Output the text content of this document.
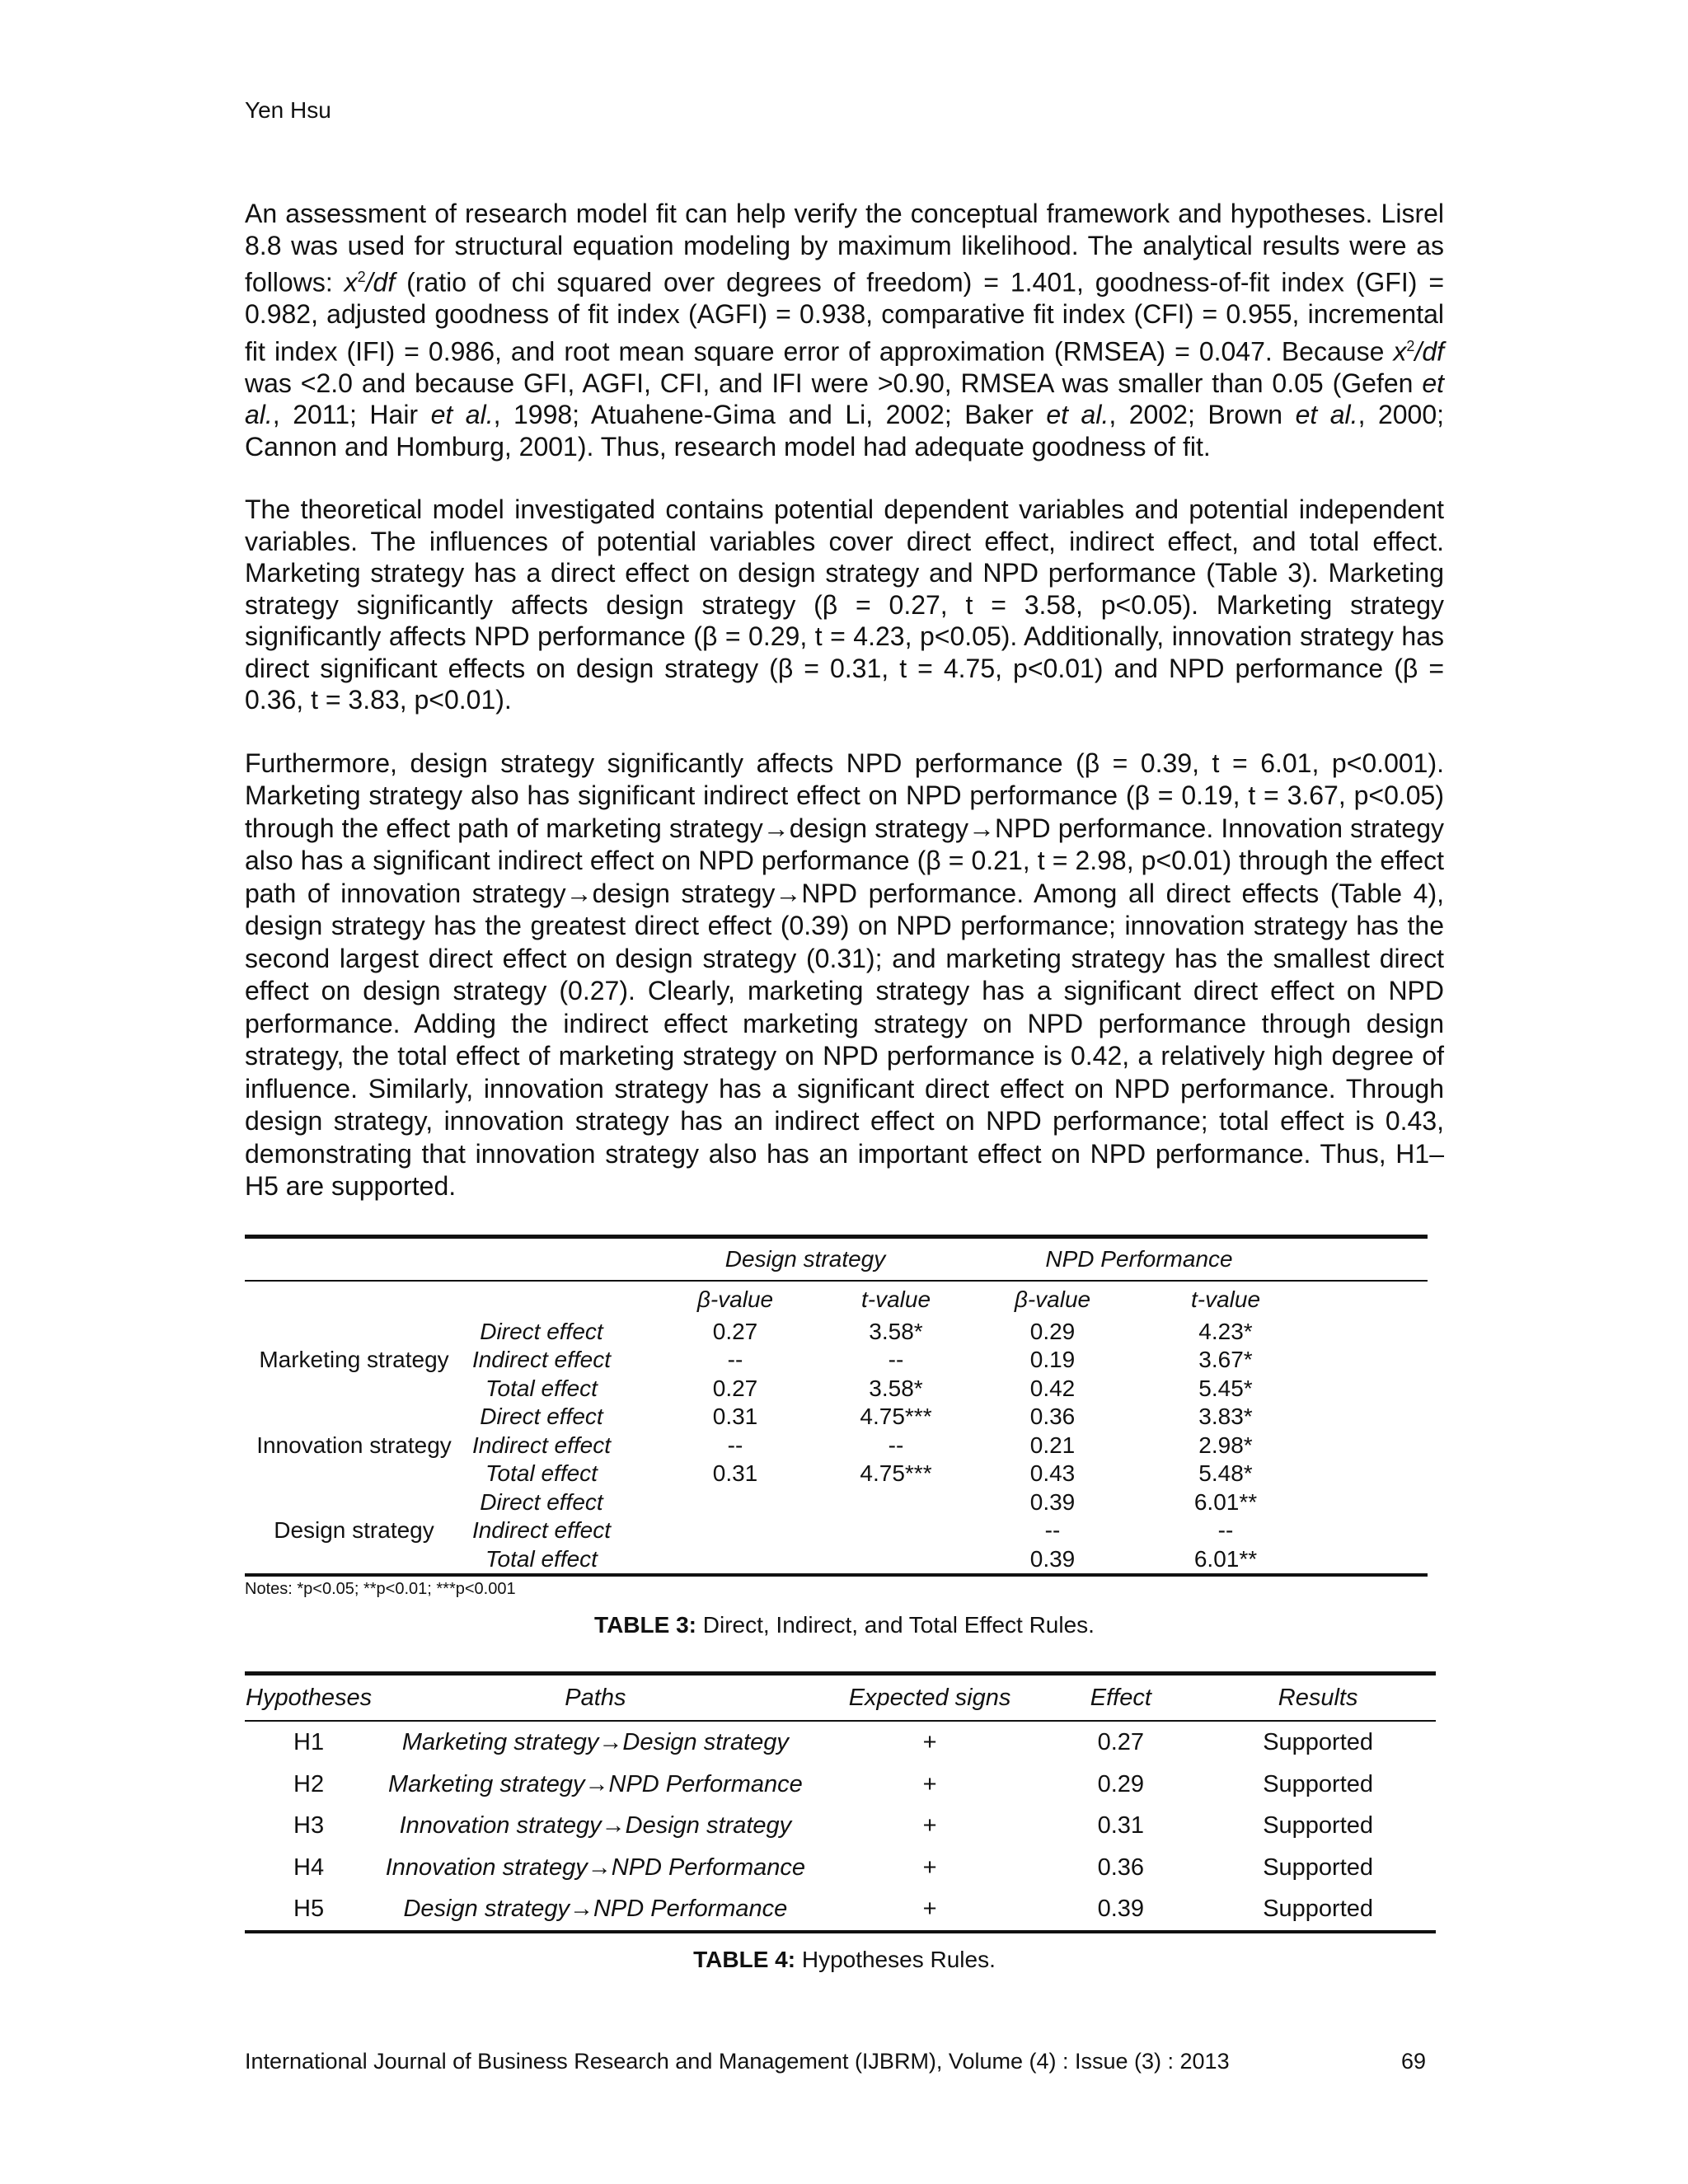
Yen Hsu

An assessment of research model fit can help verify the conceptual framework and hypotheses. Lisrel 8.8 was used for structural equation modeling by maximum likelihood. The analytical results were as follows: $x^2/df$ (ratio of chi squared over degrees of freedom) = 1.401, goodness-of-fit index (GFI) = 0.982, adjusted goodness of fit index (AGFI) = 0.938, comparative fit index (CFI) = 0.955, incremental fit index (IFI) = 0.986, and root mean square error of approximation (RMSEA) = 0.047. Because $x^2/df$ was <2.0 and because GFI, AGFI, CFI, and IFI were >0.90, RMSEA was smaller than 0.05 (Gefen et al., 2011; Hair et al., 1998; Atuahene-Gima and Li, 2002; Baker et al., 2002; Brown et al., 2000; Cannon and Homburg, 2001). Thus, research model had adequate goodness of fit.

The theoretical model investigated contains potential dependent variables and potential independent variables. The influences of potential variables cover direct effect, indirect effect, and total effect. Marketing strategy has a direct effect on design strategy and NPD performance (Table 3). Marketing strategy significantly affects design strategy (β = 0.27, t = 3.58, p<0.05). Marketing strategy significantly affects NPD performance (β = 0.29, t = 4.23, p<0.05). Additionally, innovation strategy has direct significant effects on design strategy (β = 0.31, t = 4.75, p<0.01) and NPD performance (β = 0.36, t = 3.83, p<0.01).

Furthermore, design strategy significantly affects NPD performance (β = 0.39, t = 6.01, p<0.001). Marketing strategy also has significant indirect effect on NPD performance (β = 0.19, t = 3.67, p<0.05) through the effect path of marketing strategy→design strategy→NPD performance. Innovation strategy also has a significant indirect effect on NPD performance (β = 0.21, t = 2.98, p<0.01) through the effect path of innovation strategy→design strategy→NPD performance. Among all direct effects (Table 4), design strategy has the greatest direct effect (0.39) on NPD performance; innovation strategy has the second largest direct effect on design strategy (0.31); and marketing strategy has the smallest direct effect on design strategy (0.27). Clearly, marketing strategy has a significant direct effect on NPD performance. Adding the indirect effect marketing strategy on NPD performance through design strategy, the total effect of marketing strategy on NPD performance is 0.42, a relatively high degree of influence. Similarly, innovation strategy has a significant direct effect on NPD performance. Through design strategy, innovation strategy has an indirect effect on NPD performance; total effect is 0.43, demonstrating that innovation strategy also has an important effect on NPD performance. Thus, H1–H5 are supported.

		Design strategy		NPD Performance	
		β-value	t-value	β-value	t-value
Marketing strategy	Direct effect	0.27	3.58*	0.29	4.23*
	Indirect effect	--	--	0.19	3.67*
	Total effect	0.27	3.58*	0.42	5.45*
Innovation strategy	Direct effect	0.31	4.75***	0.36	3.83*
	Indirect effect	--	--	0.21	2.98*
	Total effect	0.31	4.75***	0.43	5.48*
Design strategy	Direct effect			0.39	6.01**
	Indirect effect			--	--
	Total effect			0.39	6.01**
Notes: *p<0.05; **p<0.01; ***p<0.001
TABLE 3: Direct, Indirect, and Total Effect Rules.
Hypotheses	Paths	Expected signs	Effect	Results
H1	Marketing strategy→Design strategy	+	0.27	Supported
H2	Marketing strategy→NPD Performance	+	0.29	Supported
H3	Innovation strategy→Design strategy	+	0.31	Supported
H4	Innovation strategy→NPD Performance	+	0.36	Supported
H5	Design strategy→NPD Performance	+	0.39	Supported
TABLE 4: Hypotheses Rules.
International Journal of Business Research and Management (IJBRM), Volume (4) : Issue (3) : 2013	69
